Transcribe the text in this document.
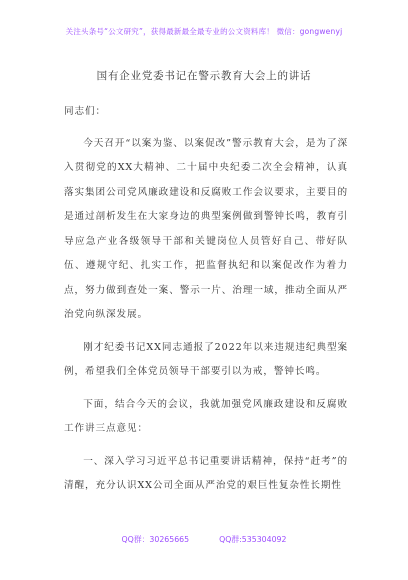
关注头条号“公文研究”，获得最新最全最专业的公文资料库！ 微信：gongwenyj
国有企业党委书记在警示教育大会上的讲话

同志们：

今天召开“以案为鉴、以案促改”警示教育大会，是为了深入贯彻党的XX大精神、二十届中央纪委二次全会精神，认真落实集团公司党风廉政建设和反腐败工作会议要求，主要目的是通过剖析发生在大家身边的典型案例做到警钟长鸣，教育引导应急产业各级领导干部和关键岗位人员管好自己、带好队伍、遵规守纪、扎实工作，把监督执纪和以案促改作为着力点，努力做到查处一案、警示一片、治理一域，推动全面从严治党向纵深发展。

刚才纪委书记XX同志通报了2022年以来违规违纪典型案例，希望我们全体党员领导干部要引以为戒，警钟长鸣。

下面，结合今天的会议，我就加强党风廉政建设和反腐败工作讲三点意见：

一、深入学习习近平总书记重要讲话精神，保持“赶考”的清醒，充分认识XX公司全面从严治党的艰巨性复杂性长期性

QQ群：30265665	QQ群:535304092
